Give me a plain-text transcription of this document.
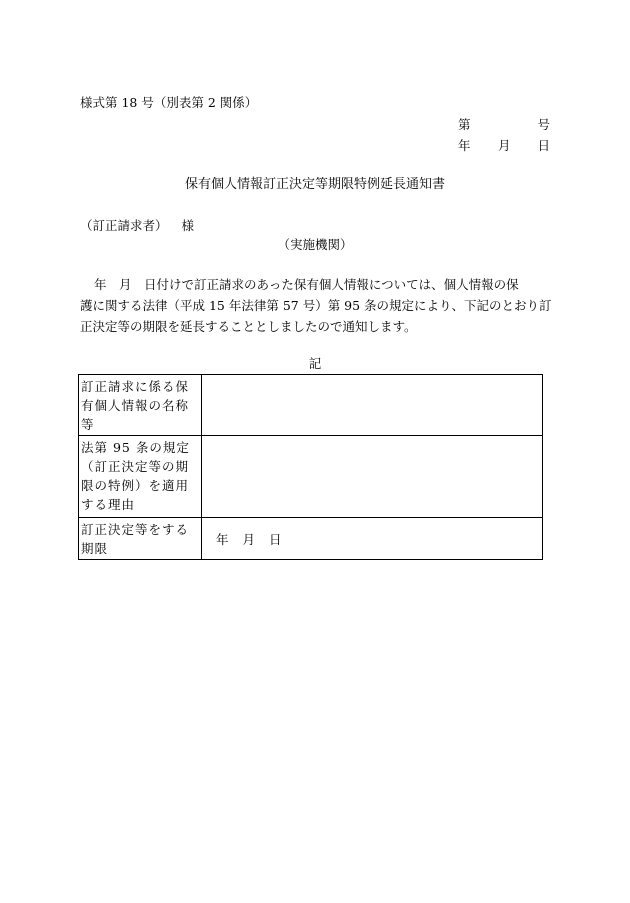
様式第 18 号（別表第 2 関係）
第	号
年 月 日
保有個人情報訂正決定等期限特例延長通知書
（訂正請求者） 様
（実施機関）
年　月　日付けで訂正請求のあった保有個人情報については、個人情報の保
護に関する法律（平成 15 年法律第 57 号）第 95 条の規定により、下記のとおり訂
正決定等の期限を延長することとしましたので通知します。
記
訂正請求に係る保有個人情報の名称等	
法第 95 条の規定（訂正決定等の期限の特例）を適用する理由	
訂正決定等をする期限	年 月 日
